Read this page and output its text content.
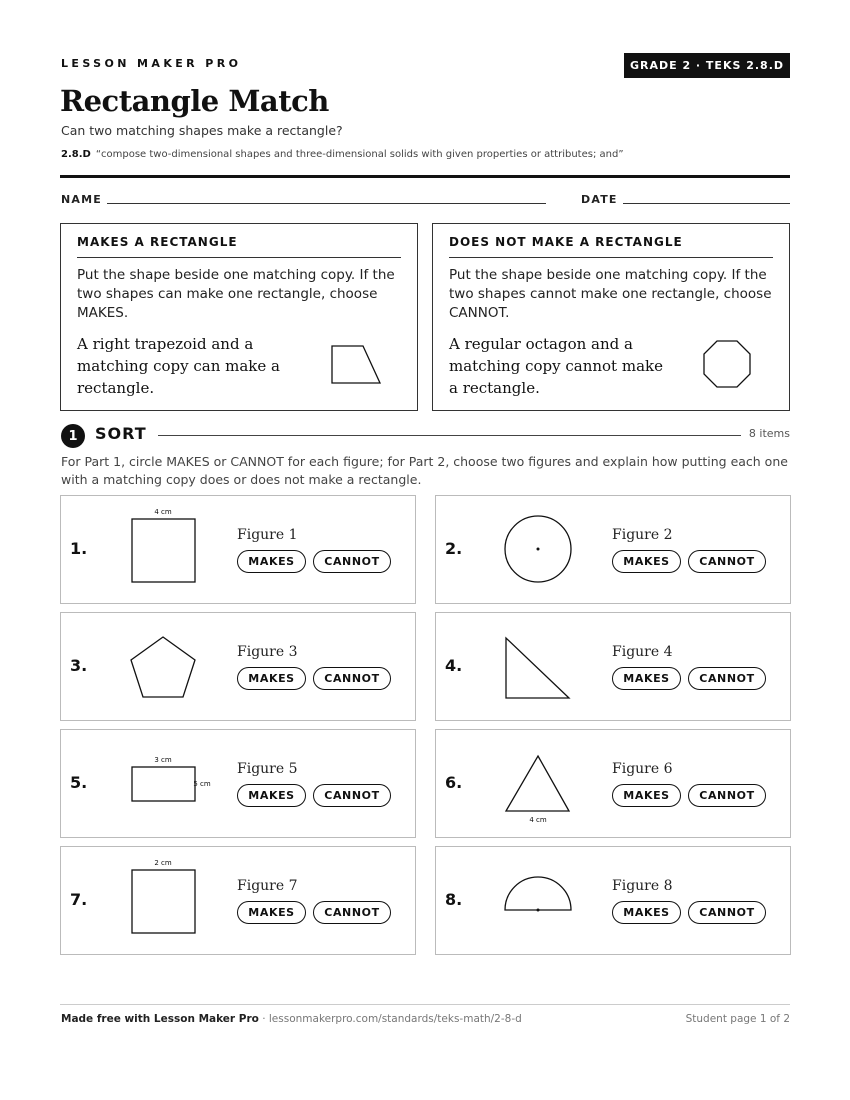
LESSON MAKER PRO	GRADE 2 · TEKS 2.8.D
Rectangle Match
Can two matching shapes make a rectangle?
2.8.D “compose two-dimensional shapes and three-dimensional solids with given properties or attributes; and”
NAME	DATE
MAKES A RECTANGLE
Put the shape beside one matching copy. If the two shapes can make one rectangle, choose MAKES.
A right trapezoid and a matching copy can make a rectangle.
DOES NOT MAKE A RECTANGLE
Put the shape beside one matching copy. If the two shapes cannot make one rectangle, choose CANNOT.
A regular octagon and a matching copy cannot make a rectangle.
1	SORT	8 items
For Part 1, circle MAKES or CANNOT for each figure; for Part 2, choose two figures and explain how putting each one with a matching copy does or does not make a rectangle.
1.
4 cm
Figure 1
MAKES	CANNOT
2.
Figure 2
MAKES	CANNOT
3.
Figure 3
MAKES	CANNOT
4.
Figure 4
MAKES	CANNOT
5.
3 cm
5 cm
Figure 5
MAKES	CANNOT
6.
4 cm
Figure 6
MAKES	CANNOT
7.
2 cm
Figure 7
MAKES	CANNOT
8.
Figure 8
MAKES	CANNOT
Made free with Lesson Maker Pro · lessonmakerpro.com/standards/teks-math/2-8-d	Student page 1 of 2
